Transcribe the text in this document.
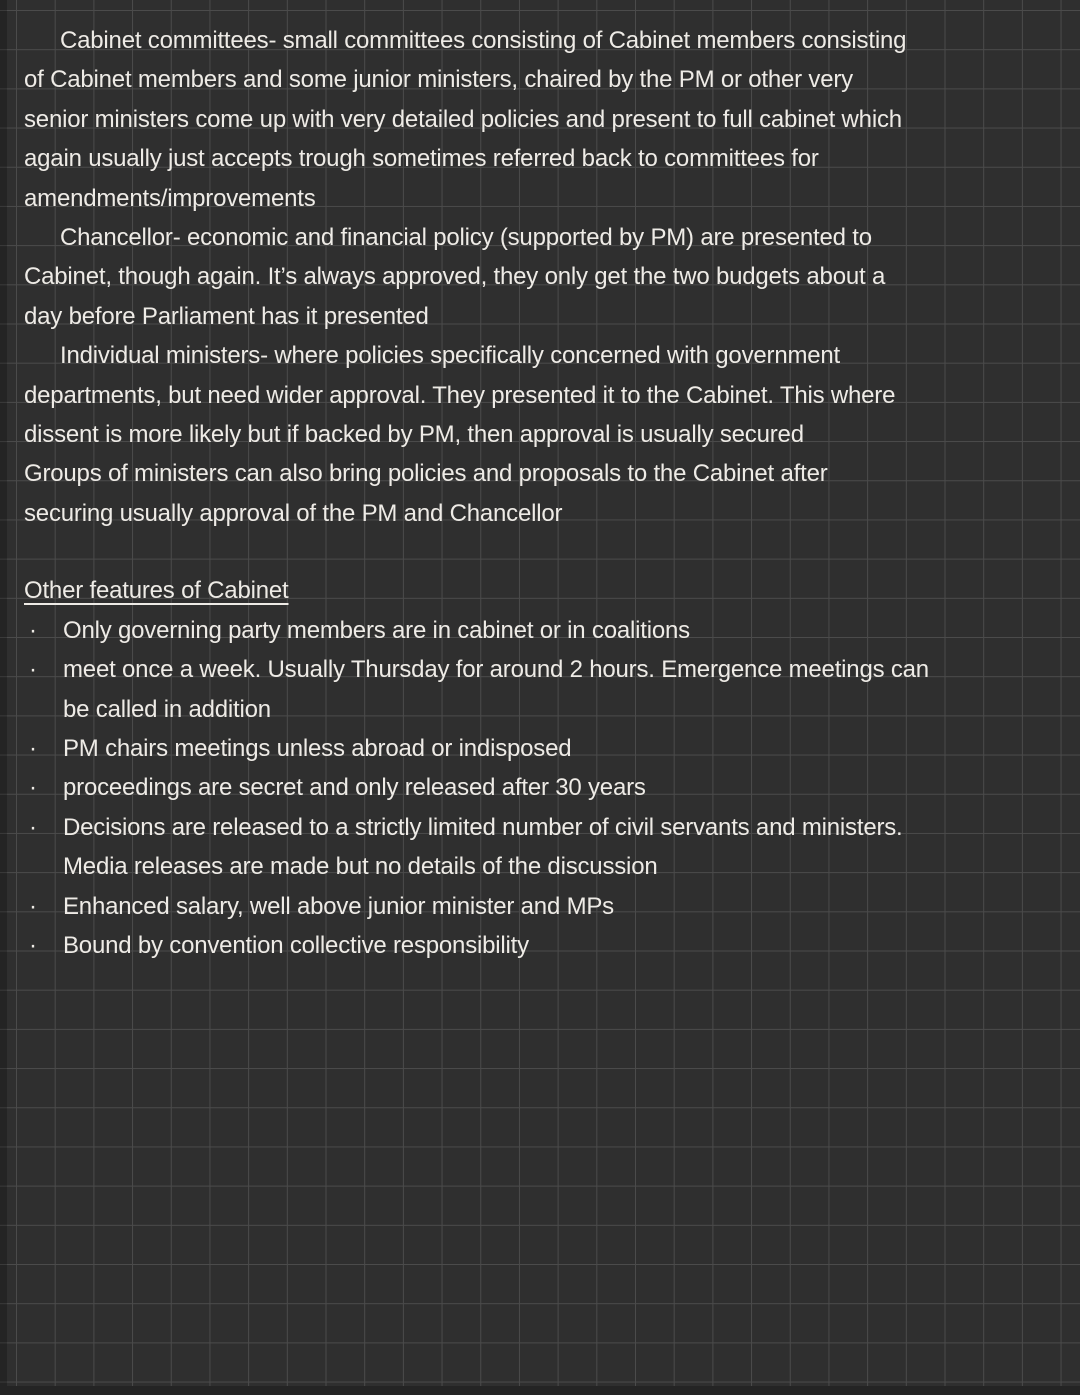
Cabinet committees- small committees consisting of Cabinet members consisting
of Cabinet members and some junior ministers, chaired by the PM or other very
senior ministers come up with very detailed policies and present to full cabinet which
again usually just accepts trough sometimes referred back to committees for
amendments/improvements
Chancellor- economic and financial policy (supported by PM) are presented to
Cabinet, though again. It’s always approved, they only get the two budgets about a
day before Parliament has it presented
Individual ministers- where policies specifically concerned with government
departments, but need wider approval. They presented it to the Cabinet. This where
dissent is more likely but if backed by PM, then approval is usually secured
Groups of ministers can also bring policies and proposals to the Cabinet after
securing usually approval of the PM and Chancellor
Other features of Cabinet
·	Only governing party members are in cabinet or in coalitions
·	meet once a week. Usually Thursday for around 2 hours. Emergence meetings can
be called in addition
·	PM chairs meetings unless abroad or indisposed
·	proceedings are secret and only released after 30 years
·	Decisions are released to a strictly limited number of civil servants and ministers.
Media releases are made but no details of the discussion
·	Enhanced salary, well above junior minister and MPs
·	Bound by convention collective responsibility
